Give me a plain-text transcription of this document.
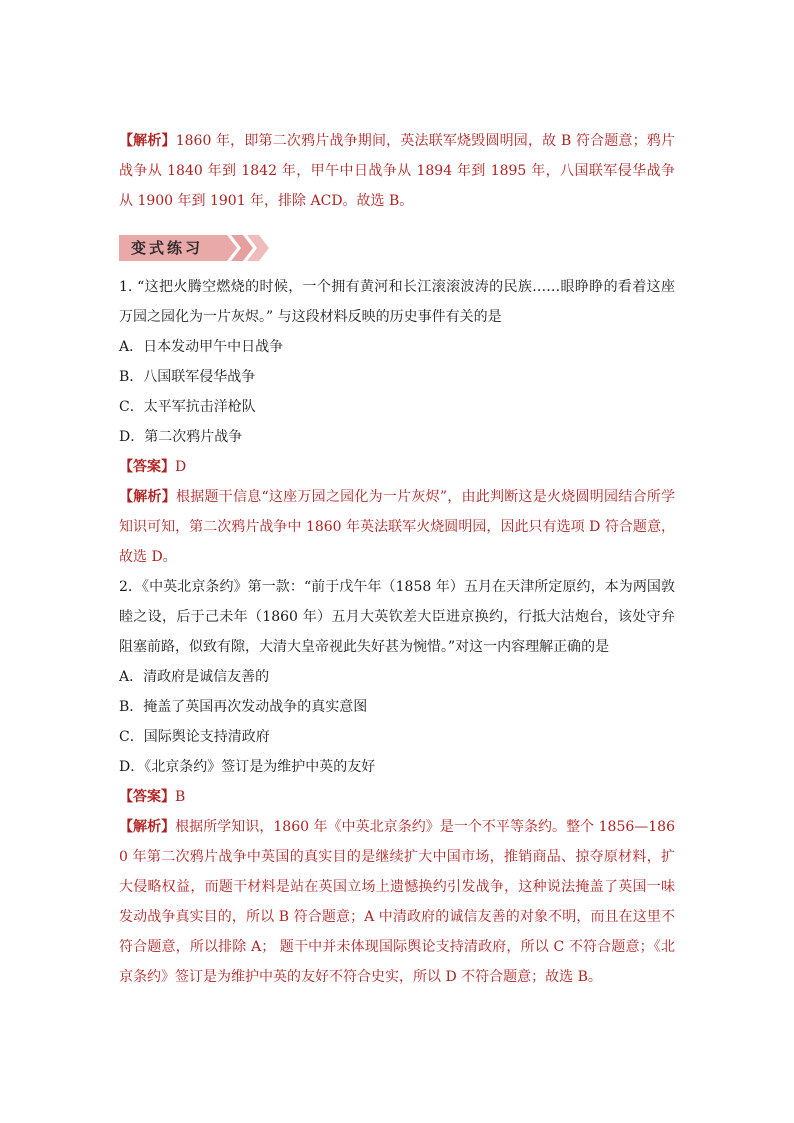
【解析】1860 年，即第二次鸦片战争期间，英法联军烧毁圆明园，故 B 符合题意；鸦片战争从 1840 年到 1842 年，甲午中日战争从 1894 年到 1895 年，八国联军侵华战争从 1900 年到 1901 年，排除 ACD。故选 B。

变式练习

1. “这把火腾空燃烧的时候，一个拥有黄河和长江滚滚波涛的民族……眼睁睁的看着这座万园之园化为一片灰烬。” 与这段材料反映的历史事件有关的是

A．日本发动甲午中日战争

B．八国联军侵华战争

C．太平军抗击洋枪队

D．第二次鸦片战争

【答案】D

【解析】根据题干信息“这座万园之园化为一片灰烬”，由此判断这是火烧圆明园结合所学知识可知，第二次鸦片战争中 1860 年英法联军火烧圆明园，因此只有选项 D 符合题意，故选 D。

2．《中英北京条约》第一款：“前于戊午年（1858 年）五月在天津所定原约，本为两国敦睦之设，后于己未年（1860 年）五月大英钦差大臣进京换约，行抵大沽炮台，该处守弁阻塞前路，似致有隙，大清大皇帝视此失好甚为惋惜。”对这一内容理解正确的是

A．清政府是诚信友善的

B．掩盖了英国再次发动战争的真实意图

C．国际舆论支持清政府

D．《北京条约》签订是为维护中英的友好

【答案】B

【解析】根据所学知识，1860 年《中英北京条约》是一个不平等条约。整个 1856—1860 年第二次鸦片战争中英国的真实目的是继续扩大中国市场，推销商品、掠夺原材料，扩大侵略权益，而题干材料是站在英国立场上遗憾换约引发战争，这种说法掩盖了英国一味发动战争真实目的，所以 B 符合题意；A 中清政府的诚信友善的对象不明，而且在这里不符合题意，所以排除 A； 题干中并未体现国际舆论支持清政府，所以 C 不符合题意；《北京条约》签订是为维护中英的友好不符合史实，所以 D 不符合题意；故选 B。
